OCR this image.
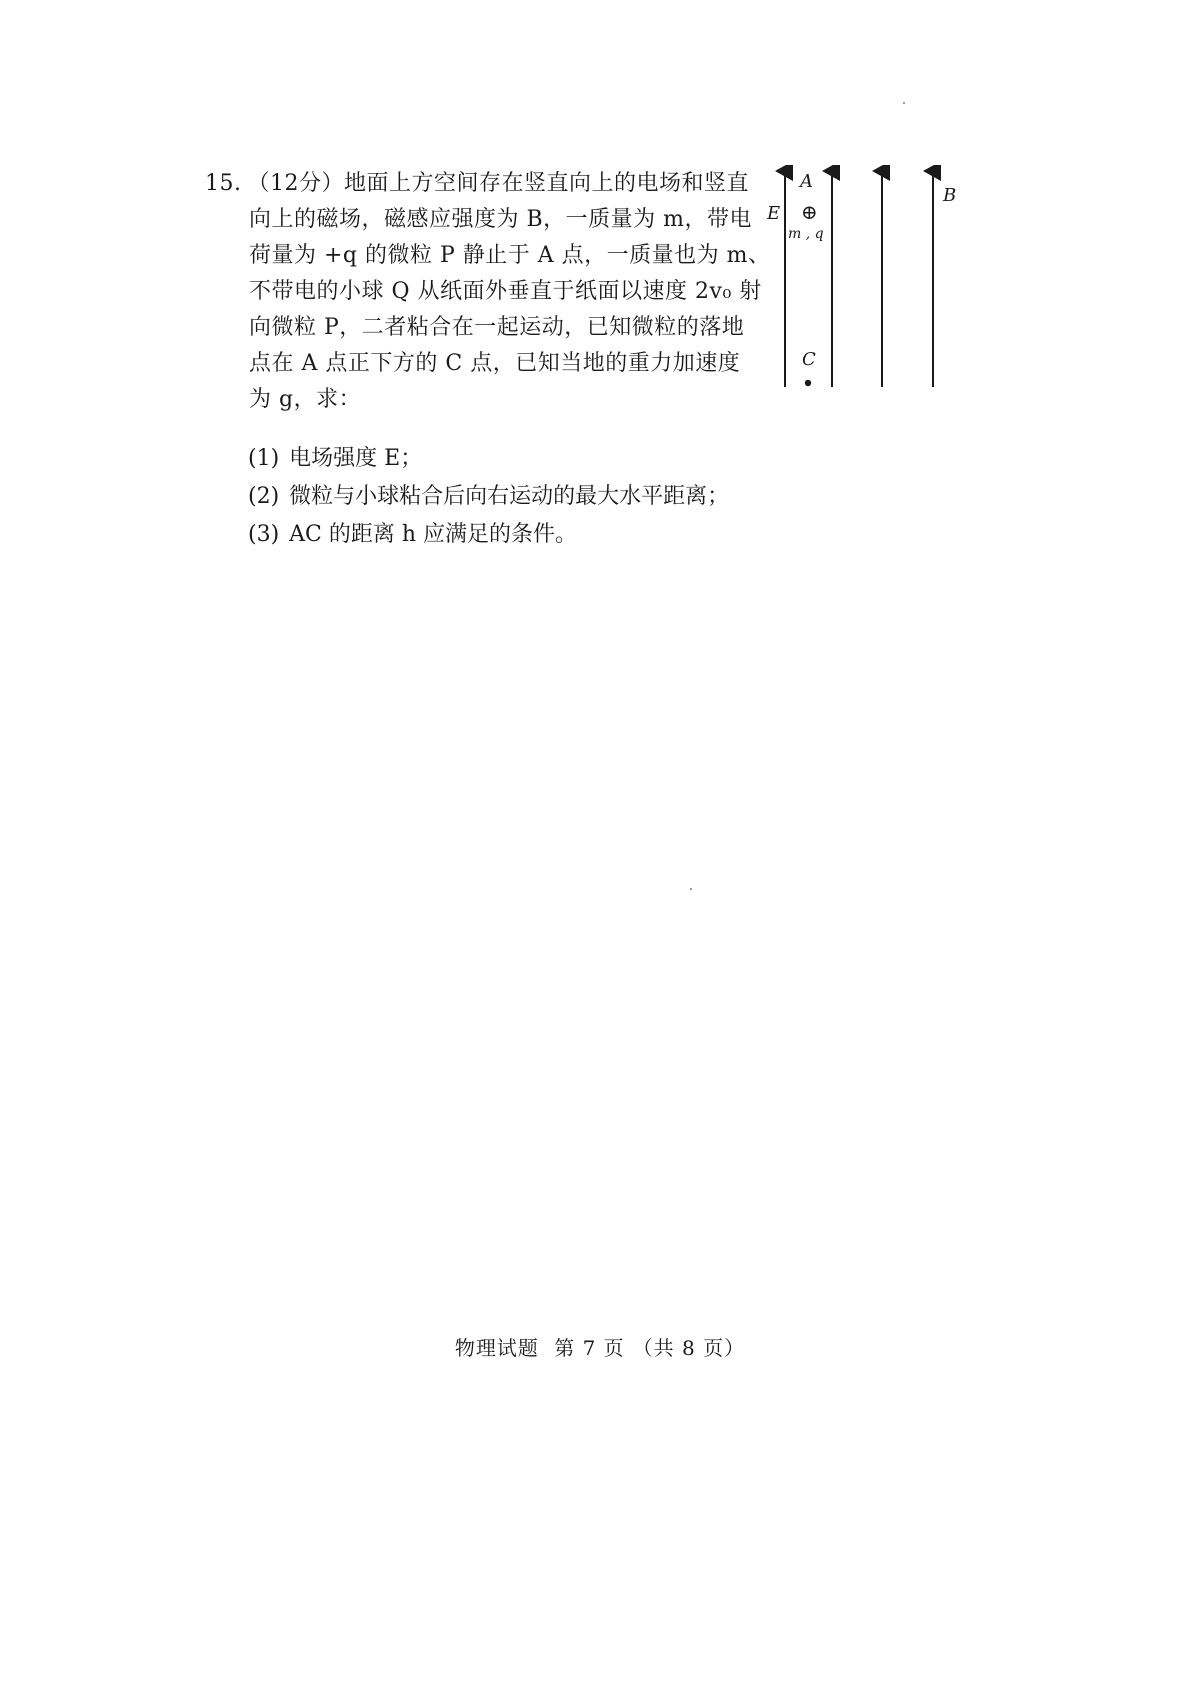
15. （12分）地面上方空间存在竖直向上的电场和竖直
向上的磁场，磁感应强度为 B，一质量为 m，带电
荷量为 +q 的微粒 P 静止于 A 点，一质量也为 m、
不带电的小球 Q 从纸面外垂直于纸面以速度 2v₀ 射
向微粒 P，二者粘合在一起运动，已知微粒的落地
点在 A 点正下方的 C 点，已知当地的重力加速度
为 g，求：
(1) 电场强度 E；
(2) 微粒与小球粘合后向右运动的最大水平距离；
(3) AC 的距离 h 应满足的条件。
A
E
B
⊕
m , q
C
物理试题 第 7 页 （共 8 页）
